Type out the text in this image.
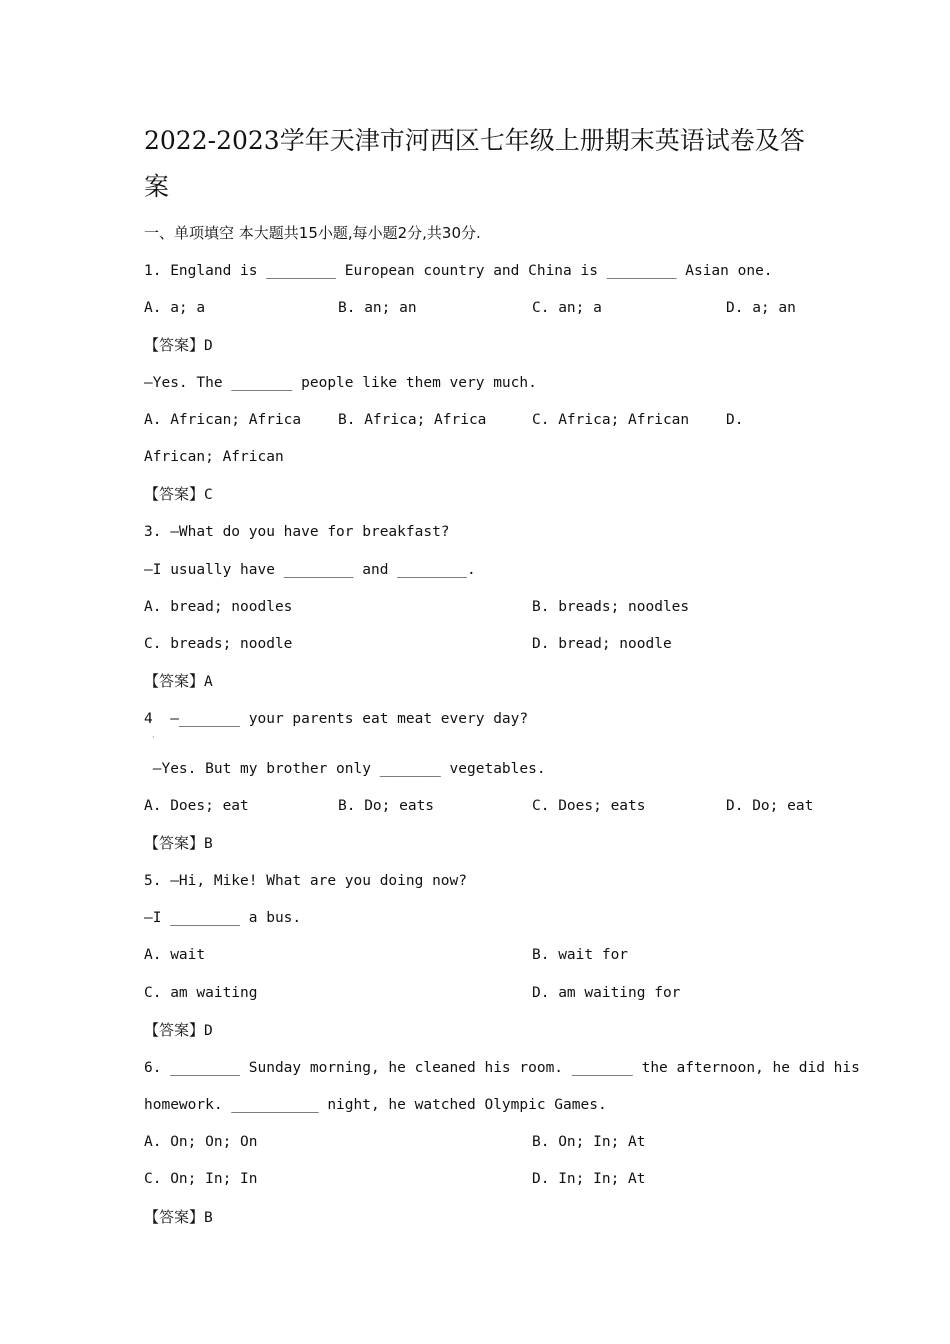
2022-2023学年天津市河西区七年级上册期末英语试卷及答案
一、单项填空 本大题共15小题,每小题2分,共30分.
1. England is ________ European country and China is ________ Asian one.
A. a; a	B. an; an	C. an; a	D. a; an
【答案】D
—Yes. The _______ people like them very much.
A. African; Africa	B. Africa; Africa	C. Africa; African	D.
African; African
【答案】C
3. —What do you have for breakfast?
—I usually have ________ and ________.
A. bread; noodles	B. breads; noodles
C. breads; noodle	D. bread; noodle
【答案】A
4  —_______ your parents eat meat every day?
·
—Yes. But my brother only _______ vegetables.
A. Does; eat	B. Do; eats	C. Does; eats	D. Do; eat
【答案】B
5. —Hi, Mike! What are you doing now?
—I ________ a bus.
A. wait	B. wait for
C. am waiting	D. am waiting for
【答案】D
6. ________ Sunday morning, he cleaned his room. _______ the afternoon, he did his
homework. __________ night, he watched Olympic Games.
A. On; On; On	B. On; In; At
C. On; In; In	D. In; In; At
【答案】B
